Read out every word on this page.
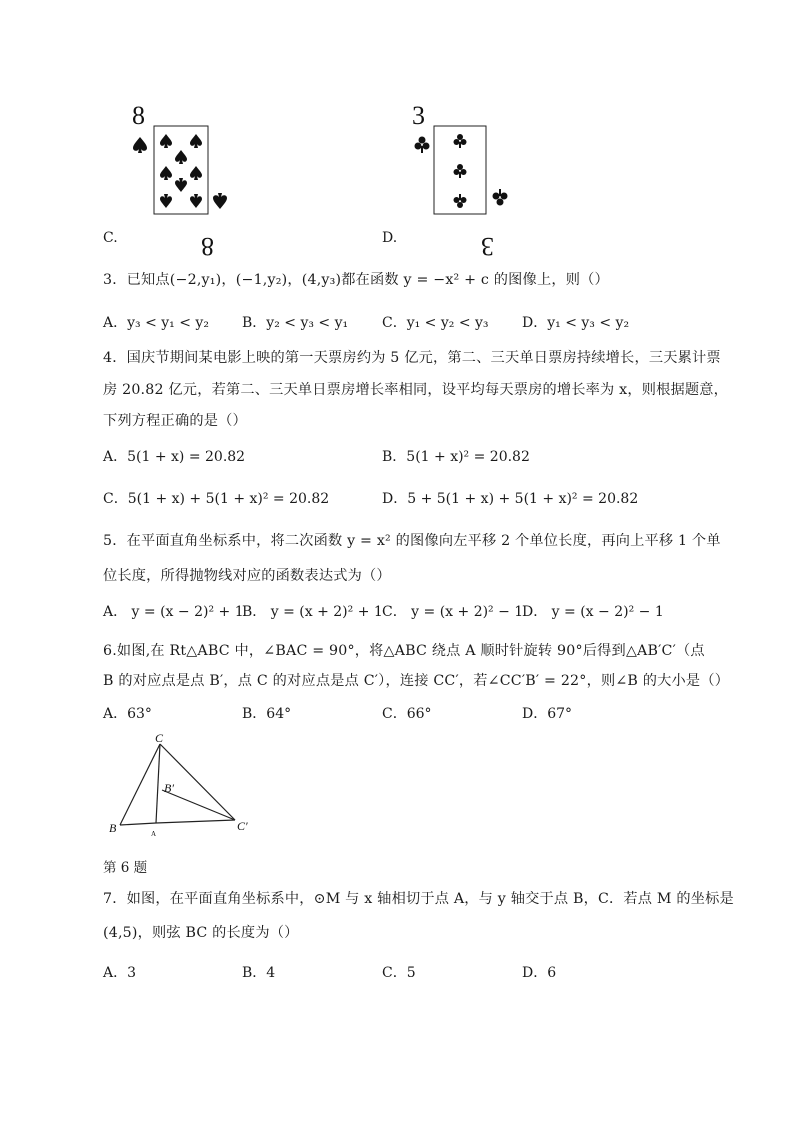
8
8
C.
3
3
D.
3．已知点(−2,y₁)，(−1,y₂)，(4,y₃)都在函数 y = −x² + c 的图像上，则（）
A．y₃ < y₁ < y₂ B．y₂ < y₃ < y₁ C．y₁ < y₂ < y₃ D．y₁ < y₃ < y₂
4．国庆节期间某电影上映的第一天票房约为 5 亿元，第二、三天单日票房持续增长，三天累计票
房 20.82 亿元，若第二、三天单日票房增长率相同，设平均每天票房的增长率为 x，则根据题意，
下列方程正确的是（）
A．5(1 + x) = 20.82	B．5(1 + x)² = 20.82
C．5(1 + x) + 5(1 + x)² = 20.82	D．5 + 5(1 + x) + 5(1 + x)² = 20.82
5．在平面直角坐标系中，将二次函数 y = x² 的图像向左平移 2 个单位长度，再向上平移 1 个单
位长度，所得抛物线对应的函数表达式为（）
A． y = (x − 2)² + 1
B． y = (x + 2)² + 1 C． y = (x + 2)² − 1
D． y = (x − 2)² − 1
6.如图,在 Rt△ABC 中，∠BAC = 90°，将△ABC 绕点 A 顺时针旋转 90°后得到△AB′C′（点
B 的对应点是点 B′，点 C 的对应点是点 C′），连接 CC′，若∠CC′B′ = 22°，则∠B 的大小是（）
A．63°	B．64°	C．66°	D．67°
C
B′
B	A
C′
第 6 题
7．如图，在平面直角坐标系中，⊙M 与 x 轴相切于点 A，与 y 轴交于点 B，C．若点 M 的坐标是
(4,5)，则弦 BC 的长度为（）
A．3	B．4	C．5	D．6
